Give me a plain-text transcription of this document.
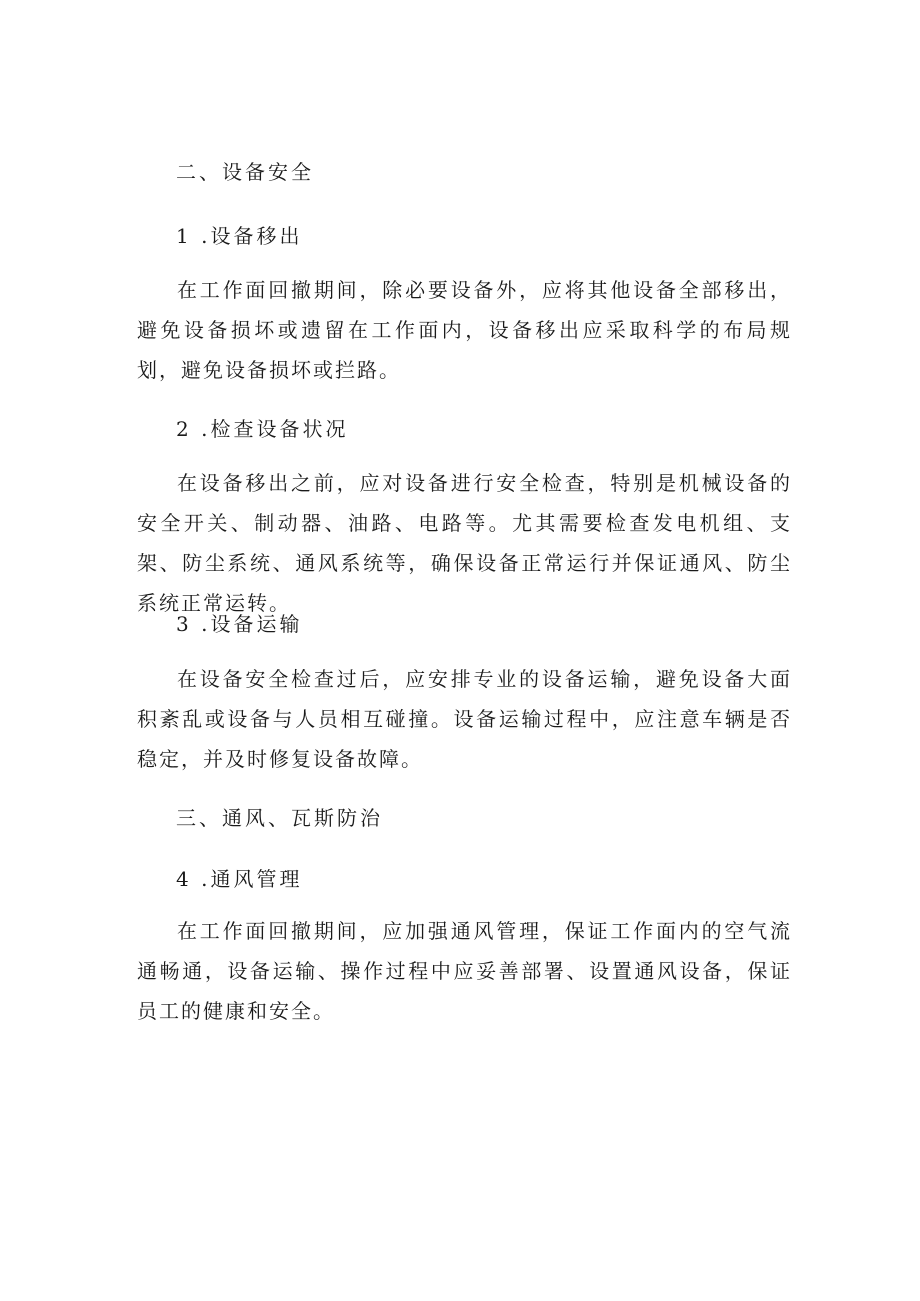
二、设备安全
1 .设备移出
在工作面回撤期间，除必要设备外，应将其他设备全部移出，避免设备损坏或遗留在工作面内，设备移出应采取科学的布局规划，避免设备损坏或拦路。
2 .检查设备状况
在设备移出之前，应对设备进行安全检查，特别是机械设备的安全开关、制动器、油路、电路等。尤其需要检查发电机组、支架、防尘系统、通风系统等，确保设备正常运行并保证通风、防尘系统正常运转。
3 .设备运输
在设备安全检查过后，应安排专业的设备运输，避免设备大面积紊乱或设备与人员相互碰撞。设备运输过程中，应注意车辆是否稳定，并及时修复设备故障。
三、通风、瓦斯防治
4 .通风管理
在工作面回撤期间，应加强通风管理，保证工作面内的空气流通畅通，设备运输、操作过程中应妥善部署、设置通风设备，保证员工的健康和安全。
